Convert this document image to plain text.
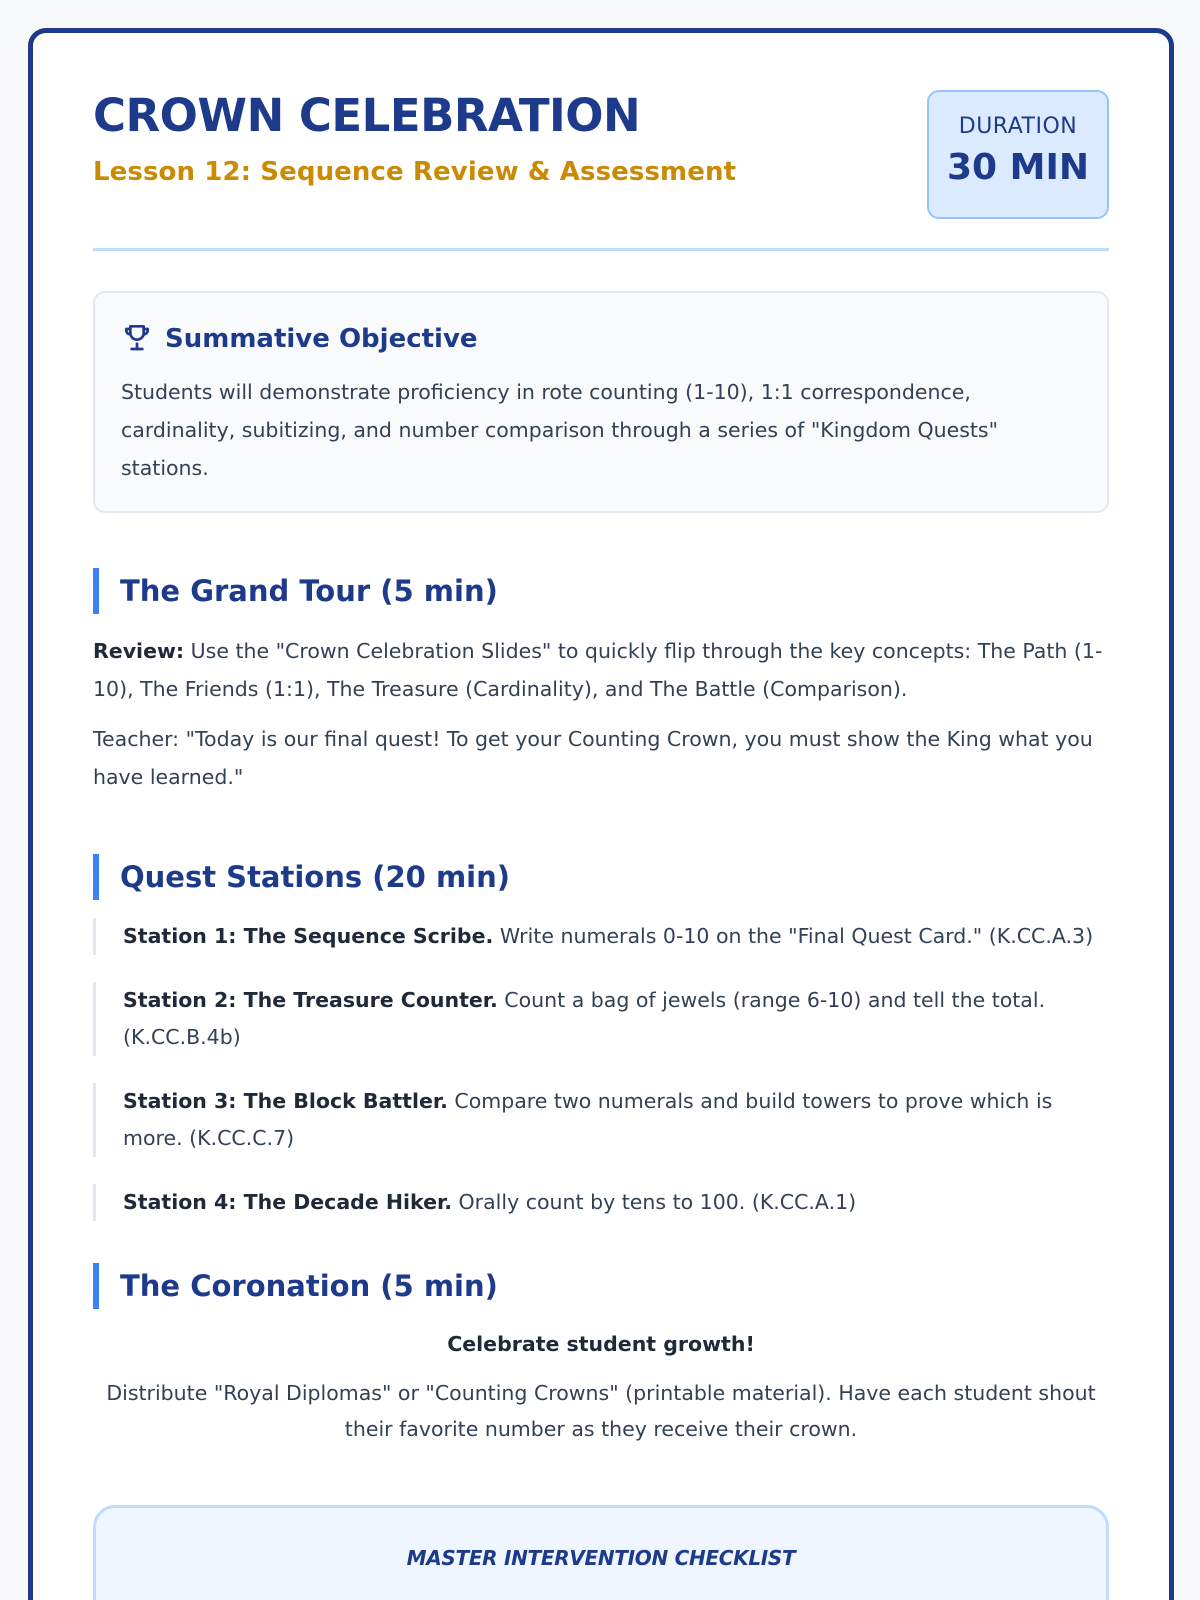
CROWN CELEBRATION
Lesson 12: Sequence Review & Assessment
DURATION
30 MIN
Summative Objective
Students will demonstrate proficiency in rote counting (1-10), 1:1 correspondence, cardinality, subitizing, and number comparison through a series of "Kingdom Quests" stations.
The Grand Tour (5 min)

Review: Use the "Crown Celebration Slides" to quickly flip through the key concepts: The Path (1-10), The Friends (1:1), The Treasure (Cardinality), and The Battle (Comparison).

Teacher: "Today is our final quest! To get your Counting Crown, you must show the King what you have learned."

Quest Stations (20 min)
Station 1: The Sequence Scribe. Write numerals 0-10 on the "Final Quest Card." (K.CC.A.3)
Station 2: The Treasure Counter. Count a bag of jewels (range 6-10) and tell the total. (K.CC.B.4b)
Station 3: The Block Battler. Compare two numerals and build towers to prove which is more. (K.CC.C.7)
Station 4: The Decade Hiker. Orally count by tens to 100. (K.CC.A.1)
The Coronation (5 min)
Celebrate student growth!
Distribute "Royal Diplomas" or "Counting Crowns" (printable material). Have each student shout their favorite number as they receive their crown.
MASTER INTERVENTION CHECKLIST
